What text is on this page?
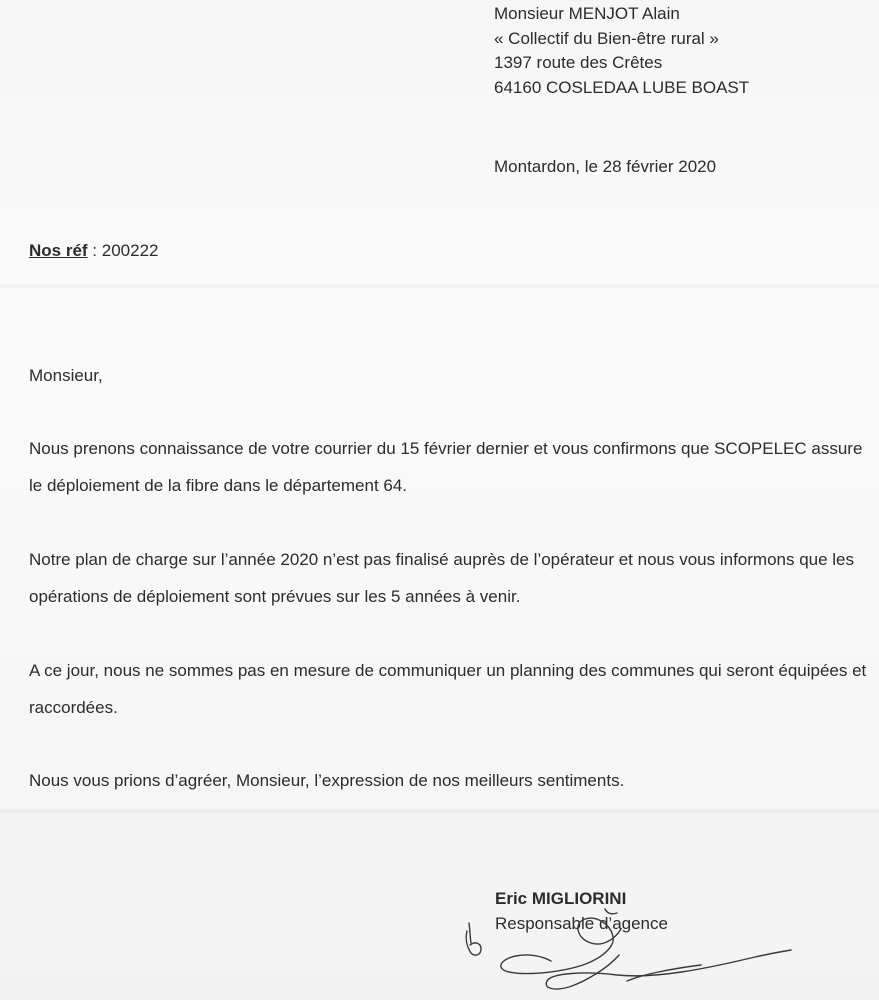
Monsieur MENJOT Alain
« Collectif du Bien-être rural »
1397 route des Crêtes
64160 COSLEDAA LUBE BOAST
Montardon, le 28 février 2020
Nos réf : 200222
Monsieur,
Nous prenons connaissance de votre courrier du 15 février dernier et vous confirmons que SCOPELEC assure le déploiement de la fibre dans le département 64.
Notre plan de charge sur l’année 2020 n’est pas finalisé auprès de l’opérateur et nous vous informons que les opérations de déploiement sont prévues sur les 5 années à venir.
A ce jour, nous ne sommes pas en mesure de communiquer un planning des communes qui seront équipées et raccordées.
Nous vous prions d’agréer, Monsieur, l’expression de nos meilleurs sentiments.
Eric MIGLIORINI
Responsable d’agence
